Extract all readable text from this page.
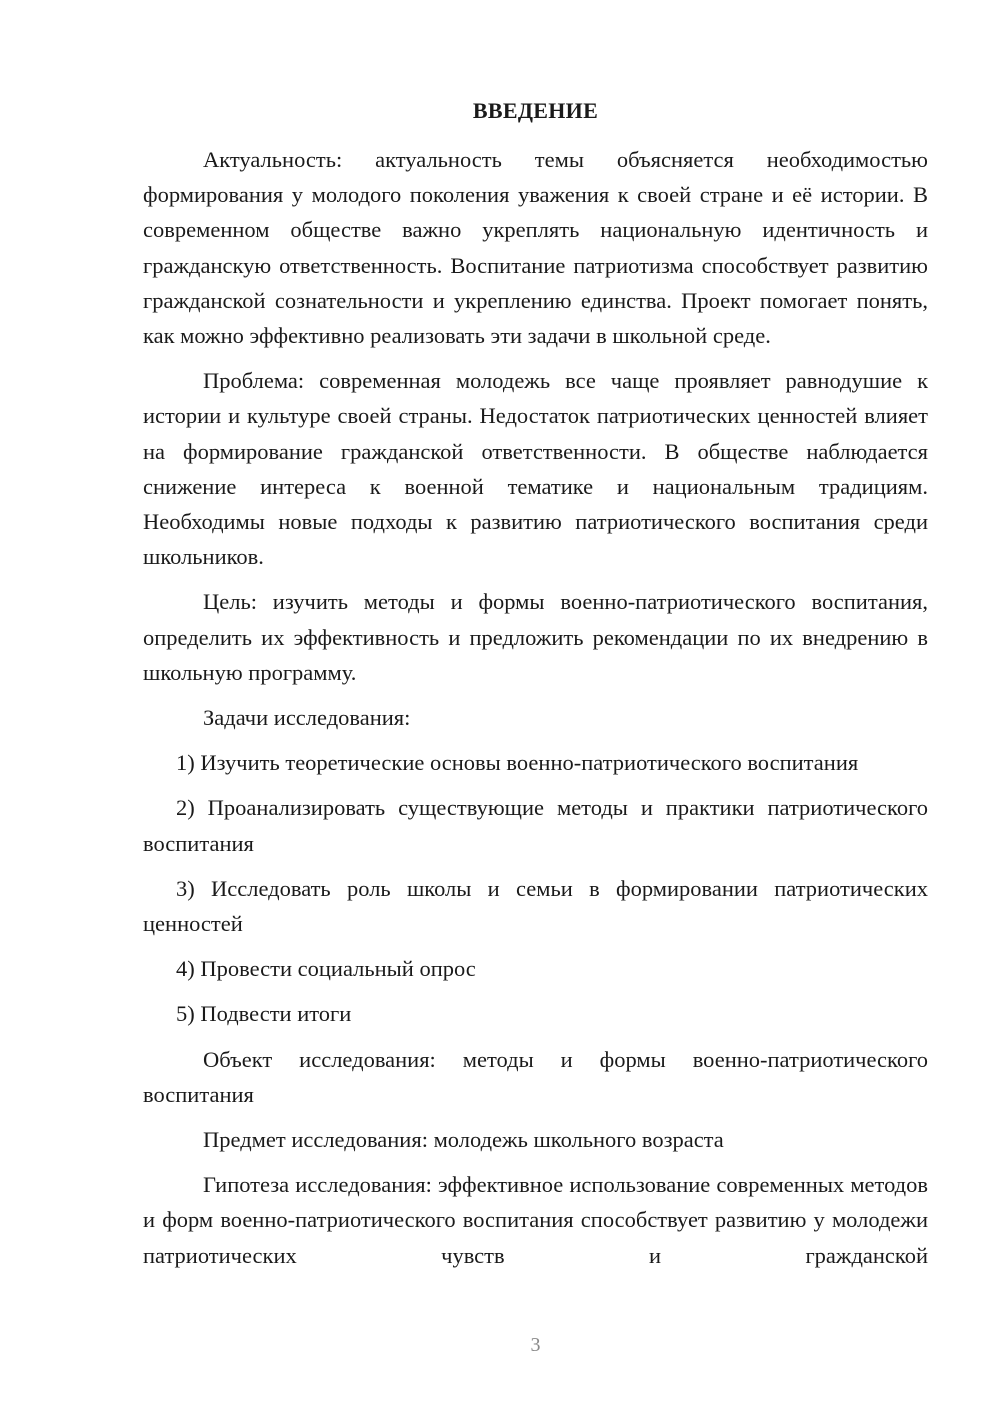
ВВЕДЕНИЕ

Актуальность: актуальность темы объясняется необходимостью формирования у молодого поколения уважения к своей стране и её истории. В современном обществе важно укреплять национальную идентичность и гражданскую ответственность. Воспитание патриотизма способствует развитию гражданской сознательности и укреплению единства. Проект помогает понять, как можно эффективно реализовать эти задачи в школьной среде.

Проблема: современная молодежь все чаще проявляет равнодушие к истории и культуре своей страны. Недостаток патриотических ценностей влияет на формирование гражданской ответственности. В обществе наблюдается снижение интереса к военной тематике и национальным традициям. Необходимы новые подходы к развитию патриотического воспитания среди школьников.

Цель: изучить методы и формы военно-патриотического воспитания, определить их эффективность и предложить рекомендации по их внедрению в школьную программу.

Задачи исследования:

1) Изучить теоретические основы военно-патриотического воспитания

2) Проанализировать существующие методы и практики патриотического воспитания

3) Исследовать роль школы и семьи в формировании патриотических ценностей

4) Провести социальный опрос

5) Подвести итоги

Объект исследования: методы и формы военно-патриотического воспитания

Предмет исследования: молодежь школьного возраста

Гипотеза исследования: эффективное использование современных методов и форм военно-патриотического воспитания способствует развитию у молодежи патриотических чувств и гражданской

3
